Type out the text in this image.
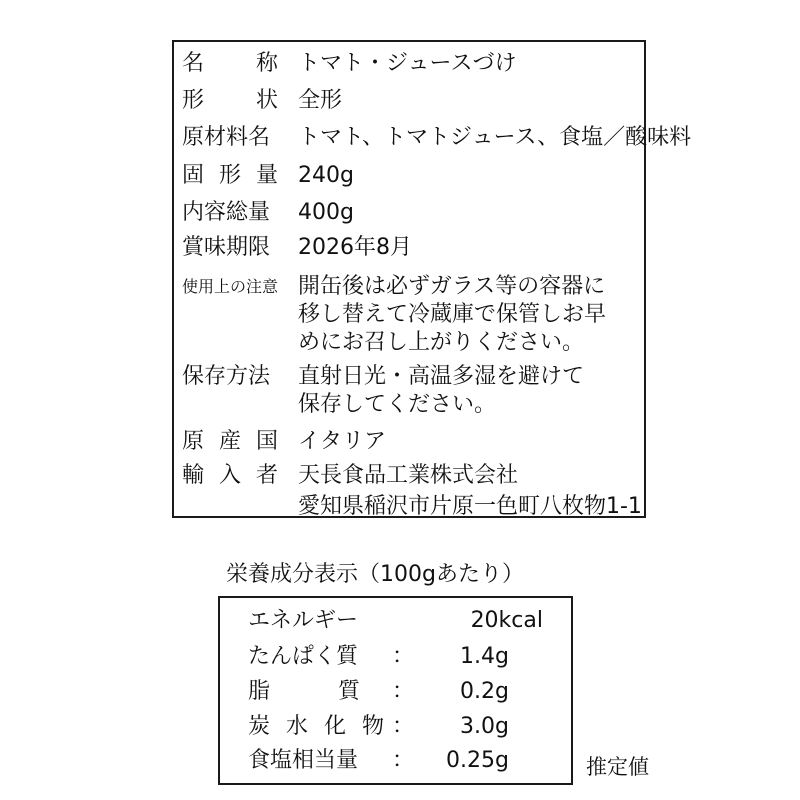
名 称 トマト・ジュースづけ
形 状 全形
原材料名	トマト、トマトジュース、食塩／酸味料
固 形 量 240g
内容総量	400g
賞味期限	2026年8月
使用上の注意 開缶後は必ずガラス等の容器に
移し替えて冷蔵庫で保管しお早
めにお召し上がりください。
保存方法	直射日光・高温多湿を避けて
保存してください。
原 産 国 イタリア
輸 入 者 天長食品工業株式会社
愛知県稲沢市片原一色町八枚物1-1
栄養成分表示（100gあたり）
エネルギー	20kcal
たんぱく質 ： 1.4g
脂	質 ： 0.2g
炭 水 化 物 ： 3.0g
食塩相当量 ： 0.25g	推定値
